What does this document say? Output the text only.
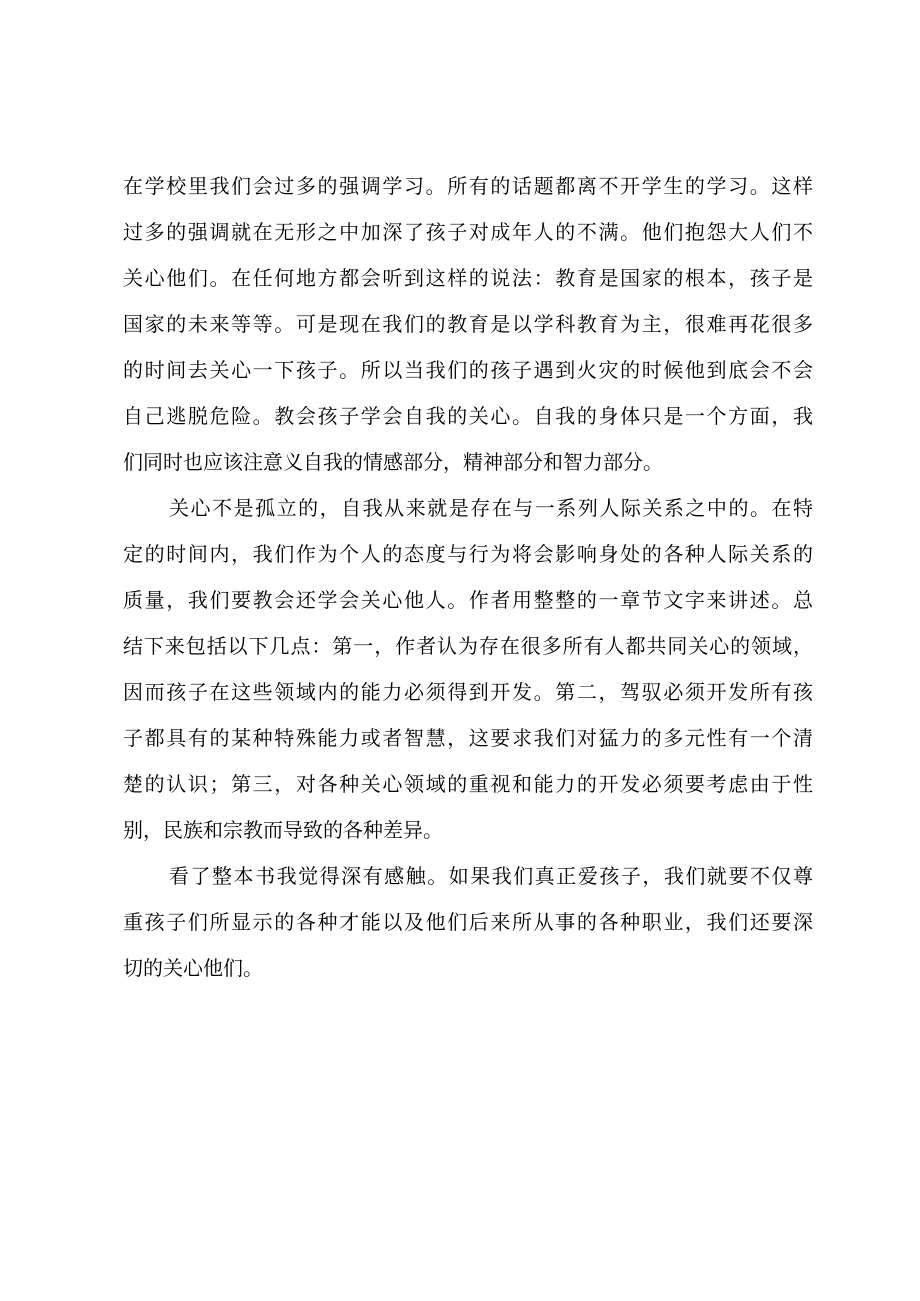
在学校里我们会过多的强调学习。所有的话题都离不开学生的学习。这样
过多的强调就在无形之中加深了孩子对成年人的不满。他们抱怨大人们不
关心他们。在任何地方都会听到这样的说法：教育是国家的根本，孩子是
国家的未来等等。可是现在我们的教育是以学科教育为主，很难再花很多
的时间去关心一下孩子。所以当我们的孩子遇到火灾的时候他到底会不会
自己逃脱危险。教会孩子学会自我的关心。自我的身体只是一个方面，我
们同时也应该注意义自我的情感部分，精神部分和智力部分。
关心不是孤立的，自我从来就是存在与一系列人际关系之中的。在特
定的时间内，我们作为个人的态度与行为将会影响身处的各种人际关系的
质量，我们要教会还学会关心他人。作者用整整的一章节文字来讲述。总
结下来包括以下几点：第一，作者认为存在很多所有人都共同关心的领域，
因而孩子在这些领域内的能力必须得到开发。第二，驾驭必须开发所有孩
子都具有的某种特殊能力或者智慧，这要求我们对猛力的多元性有一个清
楚的认识；第三，对各种关心领域的重视和能力的开发必须要考虑由于性
别，民族和宗教而导致的各种差异。
看了整本书我觉得深有感触。如果我们真正爱孩子，我们就要不仅尊
重孩子们所显示的各种才能以及他们后来所从事的各种职业，我们还要深
切的关心他们。
